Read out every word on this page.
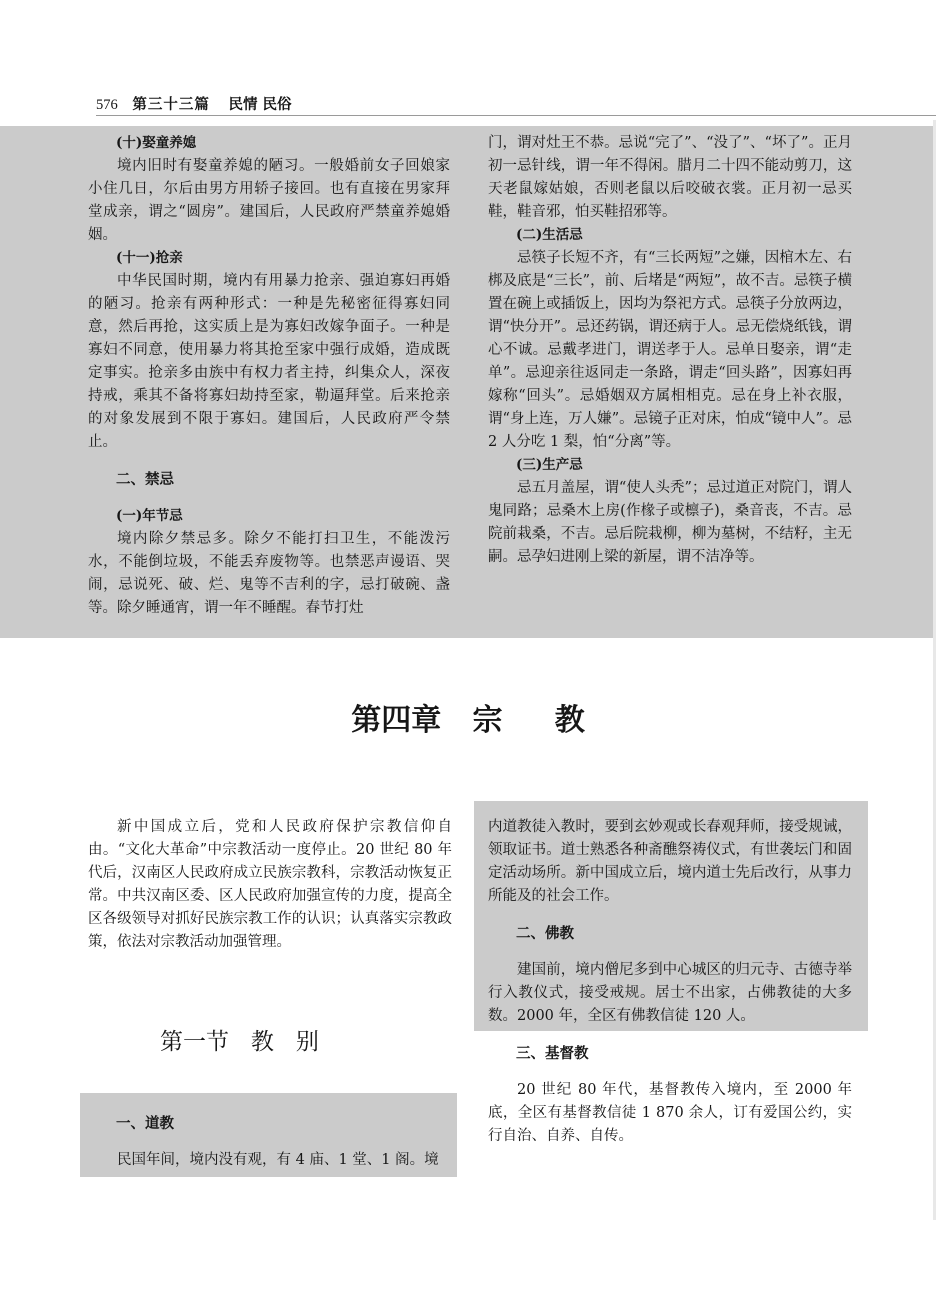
576 第三十三篇 民情 民俗
(十)娶童养媳

境内旧时有娶童养媳的陋习。一般婚前女子回娘家小住几日，尔后由男方用轿子接回。也有直接在男家拜堂成亲，谓之“圆房”。建国后，人民政府严禁童养媳婚姻。

(十一)抢亲

中华民国时期，境内有用暴力抢亲、强迫寡妇再婚的陋习。抢亲有两种形式：一种是先秘密征得寡妇同意，然后再抢，这实质上是为寡妇改嫁争面子。一种是寡妇不同意，使用暴力将其抢至家中强行成婚，造成既定事实。抢亲多由族中有权力者主持，纠集众人，深夜持戒，乘其不备将寡妇劫持至家，勒逼拜堂。后来抢亲的对象发展到不限于寡妇。建国后，人民政府严令禁止。

二、禁忌
(一)年节忌

境内除夕禁忌多。除夕不能打扫卫生，不能泼污水，不能倒垃圾，不能丢弃废物等。也禁恶声谩语、哭闹，忌说死、破、烂、鬼等不吉利的字，忌打破碗、盏等。除夕睡通宵，谓一年不睡醒。春节打灶

门，谓对灶王不恭。忌说“完了”、“没了”、“坏了”。正月初一忌针线，谓一年不得闲。腊月二十四不能动剪刀，这天老鼠嫁姑娘，否则老鼠以后咬破衣裳。正月初一忌买鞋，鞋音邪，怕买鞋招邪等。

(二)生活忌

忌筷子长短不齐，有“三长两短”之嫌，因棺木左、右梆及底是“三长”，前、后堵是“两短”，故不吉。忌筷子横置在碗上或插饭上，因均为祭祀方式。忌筷子分放两边，谓“快分开”。忌还药锅，谓还病于人。忌无偿烧纸钱，谓心不诚。忌戴孝进门，谓送孝于人。忌单日娶亲，谓“走单”。忌迎亲往返同走一条路，谓走“回头路”，因寡妇再嫁称“回头”。忌婚姻双方属相相克。忌在身上补衣服，谓“身上连，万人嫌”。忌镜子正对床，怕成“镜中人”。忌 2 人分吃 1 梨，怕“分离”等。

(三)生产忌

忌五月盖屋，谓“使人头秃”；忌过道正对院门，谓人鬼同路；忌桑木上房(作椽子或檩子)，桑音丧，不吉。忌院前栽桑，不吉。忌后院栽柳，柳为墓树，不结籽，主无嗣。忌孕妇进刚上梁的新屋，谓不洁净等。

第四章   宗     教

新中国成立后，党和人民政府保护宗教信仰自由。“文化大革命”中宗教活动一度停止。20 世纪 80 年代后，汉南区人民政府成立民族宗教科，宗教活动恢复正常。中共汉南区委、区人民政府加强宣传的力度，提高全区各级领导对抓好民族宗教工作的认识；认真落实宗教政策，依法对宗教活动加强管理。

第一节   教   别
一、道教

民国年间，境内没有观，有 4 庙、1 堂、1 阁。境

内道教徒入教时，要到玄妙观或长春观拜师，接受规诫，领取证书。道士熟悉各种斋醮祭祷仪式，有世袭坛门和固定活动场所。新中国成立后，境内道士先后改行，从事力所能及的社会工作。

二、佛教

建国前，境内僧尼多到中心城区的归元寺、古德寺举行入教仪式，接受戒规。居士不出家，占佛教徒的大多数。2000 年，全区有佛教信徒 120 人。

三、基督教

20 世纪 80 年代，基督教传入境内，至 2000 年底，全区有基督教信徒 1 870 余人，订有爱国公约，实行自治、自养、自传。
